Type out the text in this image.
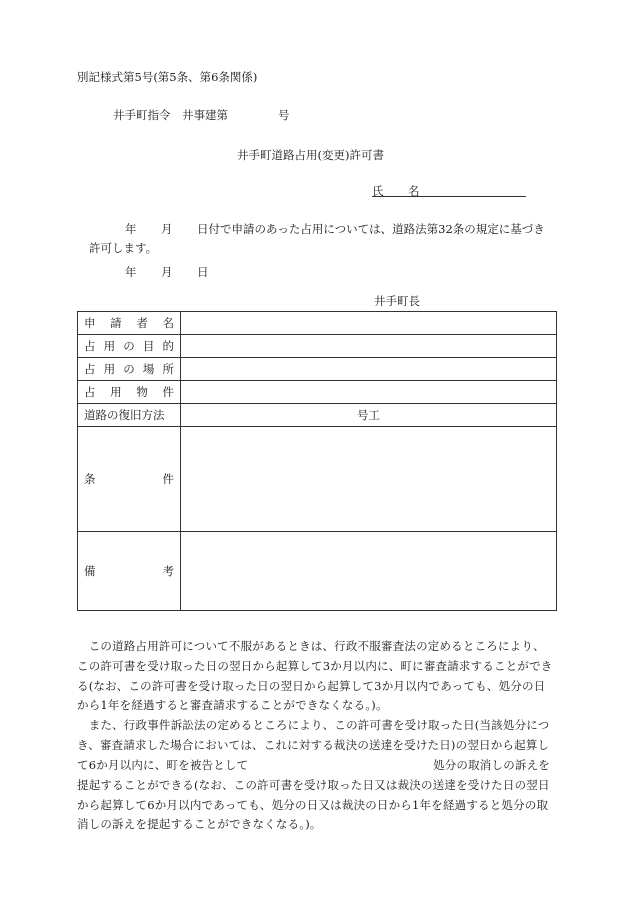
別記様式第5号(第5条、第6条関係)
井手町指令　井事建第	号
井手町道路占用(変更)許可書
氏 名
年 月 日付で申請のあった占用については、道路法第32条の規定に基づき
許可します。
年 月 日
井手町長
申 請 者 名	

占 用 の 目 的	

占 用 の 場 所	

占 用 物 件	

道路の復旧方法	号工

条 件	

備 考	

　この道路占用許可について不服があるときは、行政不服審査法の定めるところにより、
この許可書を受け取った日の翌日から起算して3か月以内に、町に審査請求することができ
る(なお、この許可書を受け取った日の翌日から起算して3か月以内であっても、処分の日
から1年を経過すると審査請求することができなくなる。)。
　また、行政事件訴訟法の定めるところにより、この許可書を受け取った日(当該処分につ
き、審査請求した場合においては、これに対する裁決の送達を受けた日)の翌日から起算し
て6か月以内に、町を被告として	処分の取消しの訴えを
提起することができる(なお、この許可書を受け取った日又は裁決の送達を受けた日の翌日
から起算して6か月以内であっても、処分の日又は裁決の日から1年を経過すると処分の取
消しの訴えを提起することができなくなる。)。
